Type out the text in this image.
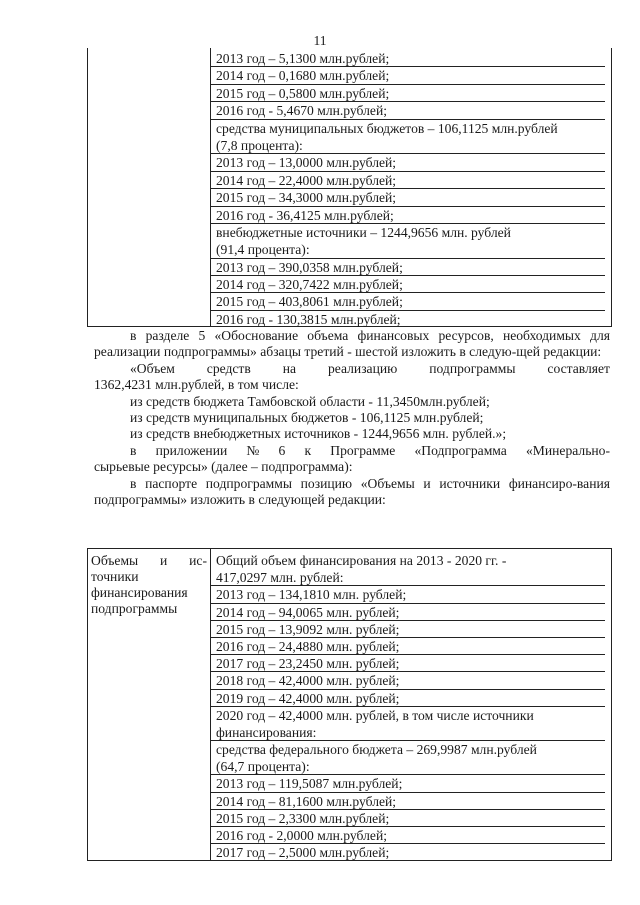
11
2013 год – 5,1300 млн.рублей;
2014 год – 0,1680 млн.рублей;
2015 год – 0,5800 млн.рублей;
2016 год - 5,4670 млн.рублей;
средства муниципальных бюджетов – 106,1125 млн.рублей
(7,8 процента):
2013 год – 13,0000 млн.рублей;
2014 год – 22,4000 млн.рублей;
2015 год – 34,3000 млн.рублей;
2016 год - 36,4125 млн.рублей;
внебюджетные источники – 1244,9656 млн. рублей
(91,4 процента):
2013 год – 390,0358 млн.рублей;
2014 год – 320,7422 млн.рублей;
2015 год – 403,8061 млн.рублей;
2016 год - 130,3815 млн.рублей;

в разделе 5 «Обоснование объема финансовых ресурсов, необходимых для реализации подпрограммы» абзацы третий - шестой изложить в следую-щей редакции:

«Объем средств на реализацию подпрограммы составляет
1362,4231 млн.рублей, в том числе:
из средств бюджета Тамбовской области - 11,3450млн.рублей;
из средств муниципальных бюджетов - 106,1125 млн.рублей;
из средств внебюджетных источников - 1244,9656 млн. рублей.»;
в приложении № 6 к Программе «Подпрограмма «Минерально-
сырьевые ресурсы» (далее – подпрограмма):

в паспорте подпрограммы позицию «Объемы и источники финансиро-вания подпрограммы» изложить в следующей редакции:

Объемы и ис-
точники
финансирования
подпрограммы
Общий объем финансирования на 2013 - 2020 гг. -
417,0297 млн. рублей:
2013 год – 134,1810 млн. рублей;
2014 год – 94,0065 млн. рублей;
2015 год – 13,9092 млн. рублей;
2016 год – 24,4880 млн. рублей;
2017 год – 23,2450 млн. рублей;
2018 год – 42,4000 млн. рублей;
2019 год – 42,4000 млн. рублей;
2020 год – 42,4000 млн. рублей, в том числе источники
финансирования:
средства федерального бюджета – 269,9987 млн.рублей
(64,7 процента):
2013 год – 119,5087 млн.рублей;
2014 год – 81,1600 млн.рублей;
2015 год – 2,3300 млн.рублей;
2016 год - 2,0000 млн.рублей;
2017 год – 2,5000 млн.рублей;
